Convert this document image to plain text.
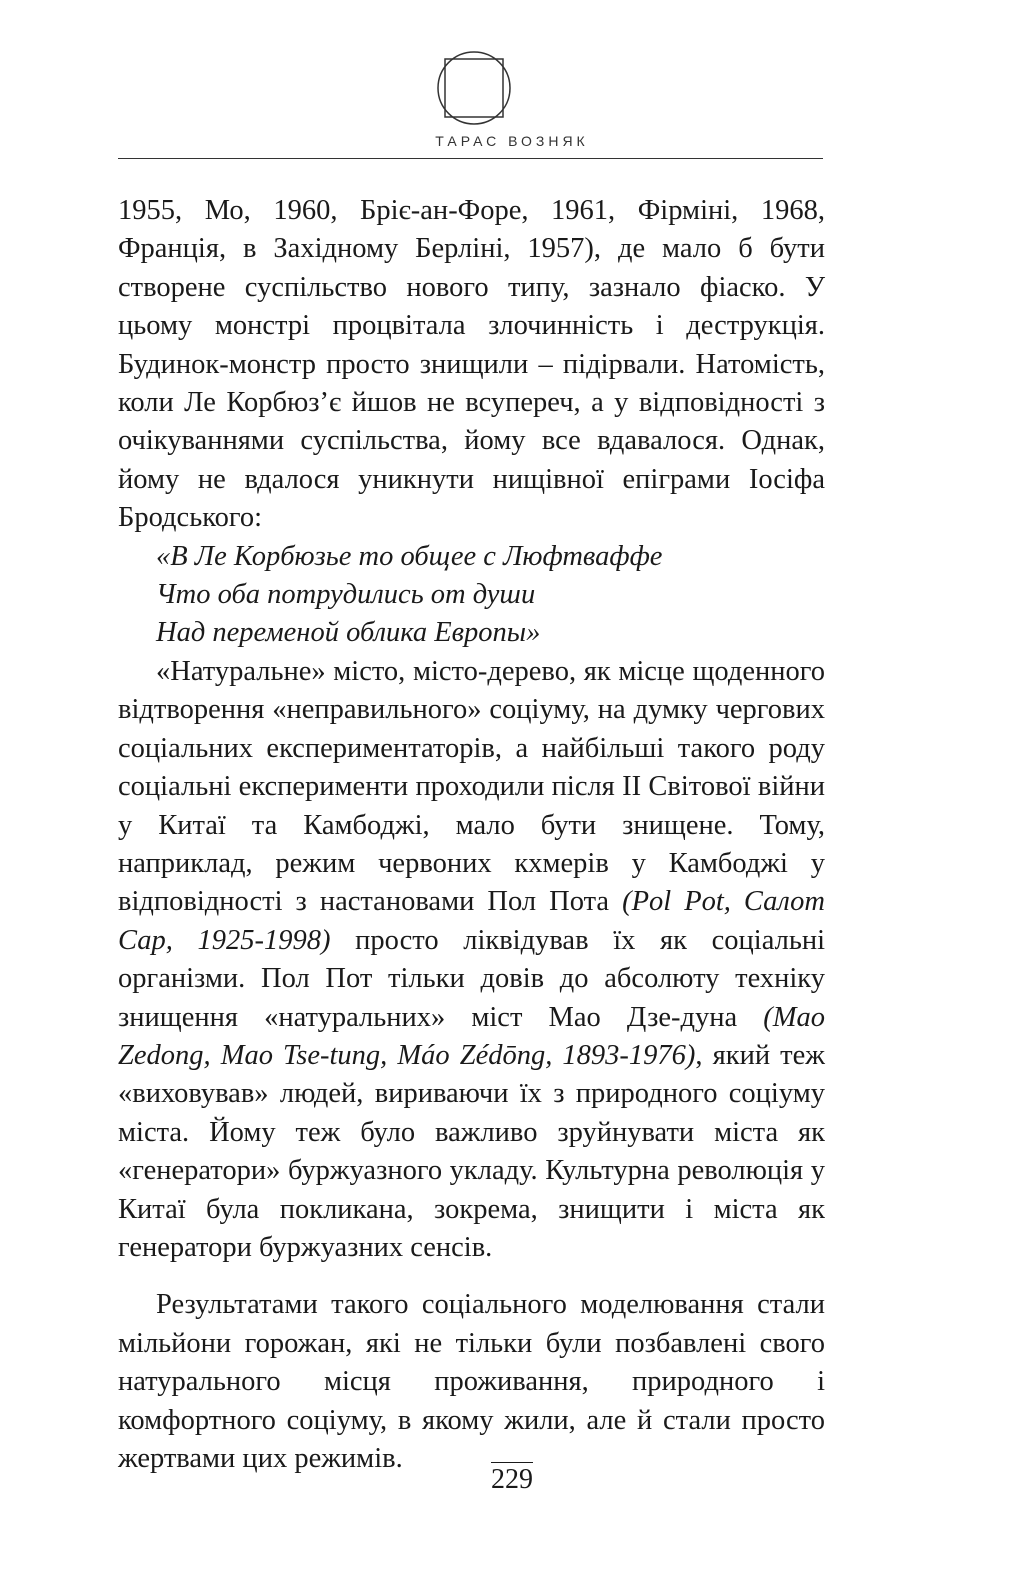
ТАРАС ВОЗНЯК

1955, Мо, 1960, Бріє-ан-Форе, 1961, Фірміні, 1968, Франція, в Західному Берліні, 1957), де мало б бути створене суспільство нового типу, зазнало фіаско. У цьому монстрі процвітала злочинність і деструкція. Будинок-монстр просто знищили – підірвали. Натомість, коли Ле Корбюз’є йшов не всупереч, а у відповідності з очікуваннями суспільства, йому все вдавалося. Однак, йому не вдалося уникнути нищівної епіграми Іосіфа Бродського:

«В Ле Корбюзье то общее с Люфтваффе
Что оба потрудились от души
Над переменой облика Европы»

«Натуральне» місто, місто-дерево, як місце щоденного відтворення «неправильного» соціуму, на думку чергових соціальних експериментаторів, а найбільші такого роду соціальні експерименти проходили після ІІ Світової війни у Китаї та Камбоджі, мало бути знищене. Тому, наприклад, режим червоних кхмерів у Камбоджі у відповідності з настановами Пол Пота (Pol Pot, Салот Сар, 1925-1998) просто ліквідував їх як соціальні організми. Пол Пот тільки довів до абсолюту техніку знищення «натуральних» міст Мао Дзе-дуна (Mao Zedong, Mao Tse-tung, Máo Zédōng, 1893-1976), який теж «виховував» людей, вириваючи їх з природного соціуму міста. Йому теж було важливо зруйнувати міста як «генератори» буржуазного укладу. Культурна революція у Китаї була покликана, зокрема, знищити і міста як генератори буржуазних сенсів.

Результатами такого соціального моделювання стали мільйони горожан, які не тільки були позбавлені свого натурального місця проживання, природного і комфортного соціуму, в якому жили, але й стали просто жертвами цих режимів.

229
